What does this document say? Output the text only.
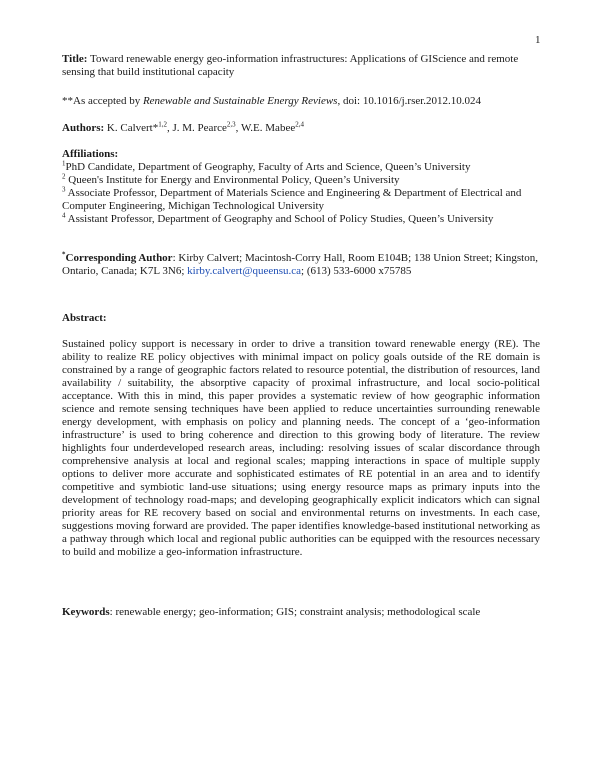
1
Title: Toward renewable energy geo-information infrastructures: Applications of GIScience and remote sensing that build institutional capacity
**As accepted by Renewable and Sustainable Energy Reviews, doi: 10.1016/j.rser.2012.10.024
Authors: K. Calvert*$^{1,2}$, J. M. Pearce$^{2,3}$, W.E. Mabee$^{2,4}$
Affiliations:
$^1$PhD Candidate, Department of Geography, Faculty of Arts and Science, Queen’s University
$^2$ Queen's Institute for Energy and Environmental Policy, Queen’s University
$^3$ Associate Professor, Department of Materials Science and Engineering & Department of Electrical and Computer Engineering, Michigan Technological University
$^4$ Assistant Professor, Department of Geography and School of Policy Studies, Queen’s University
*Corresponding Author: Kirby Calvert; Macintosh-Corry Hall, Room E104B; 138 Union Street; Kingston, Ontario, Canada; K7L 3N6; kirby.calvert@queensu.ca; (613) 533-6000 x75785
Abstract:
Sustained policy support is necessary in order to drive a transition toward renewable energy (RE). The ability to realize RE policy objectives with minimal impact on policy goals outside of the RE domain is constrained by a range of geographic factors related to resource potential, the distribution of resources, land availability / suitability, the absorptive capacity of proximal infrastructure, and local socio-political acceptance. With this in mind, this paper provides a systematic review of how geographic information science and remote sensing techniques have been applied to reduce uncertainties surrounding renewable energy development, with emphasis on policy and planning needs. The concept of a ‘geo-information infrastructure’ is used to bring coherence and direction to this growing body of literature. The review highlights four underdeveloped research areas, including: resolving issues of scalar discordance through comprehensive analysis at local and regional scales; mapping interactions in space of multiple supply options to deliver more accurate and sophisticated estimates of RE potential in an area and to identify competitive and symbiotic land-use situations; using energy resource maps as primary inputs into the development of technology road-maps; and developing geographically explicit indicators which can signal priority areas for RE recovery based on social and environmental returns on investments. In each case, suggestions moving forward are provided. The paper identifies knowledge-based institutional networking as a pathway through which local and regional public authorities can be equipped with the resources necessary to build and mobilize a geo-information infrastructure.
Keywords: renewable energy; geo-information; GIS; constraint analysis; methodological scale
